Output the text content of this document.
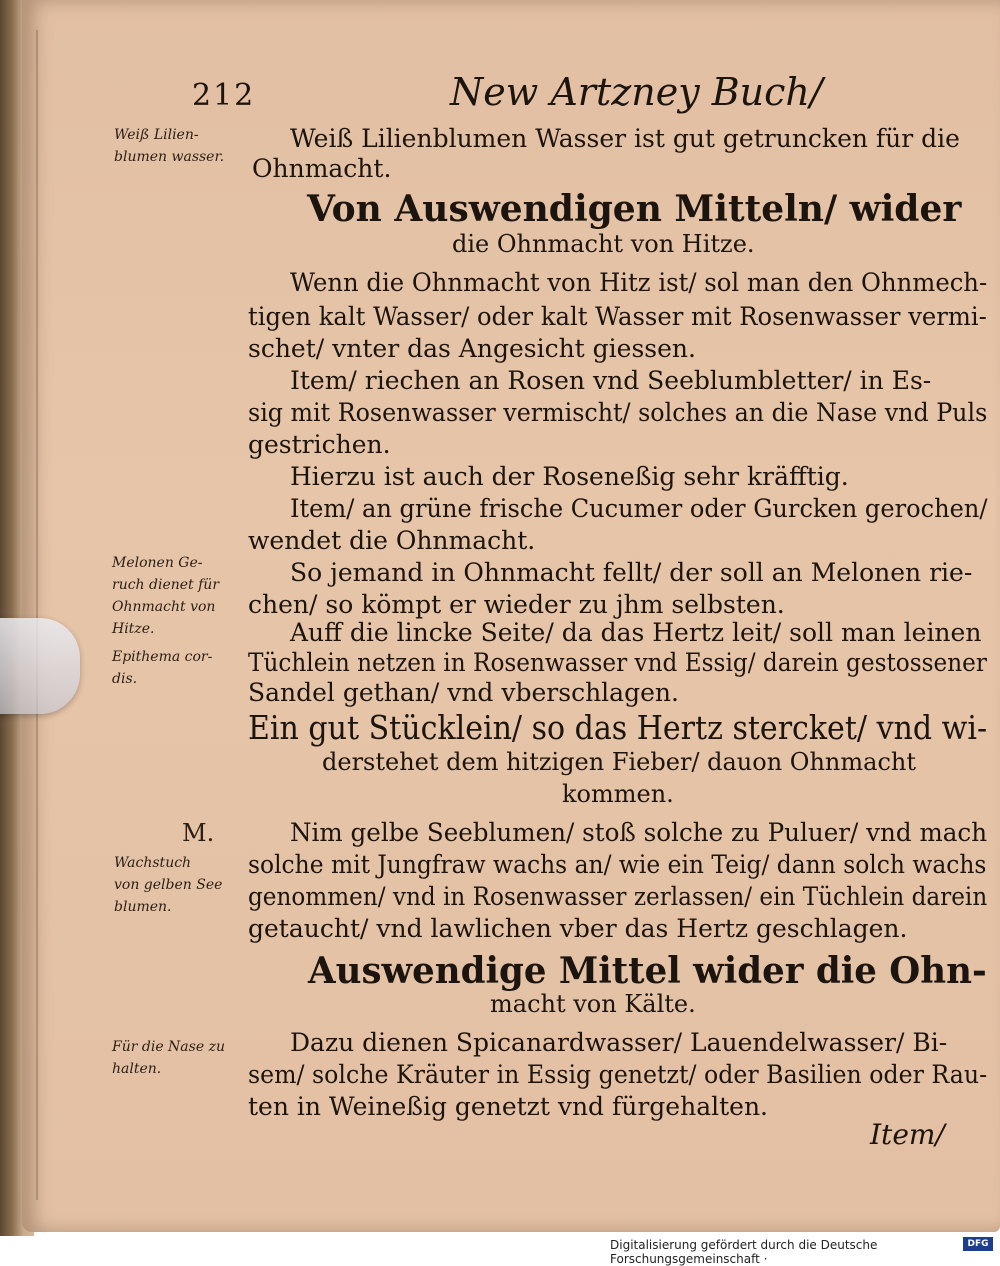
212	New Artzney Buch/
Weiß Lilien-
blumen wasser.
Melonen Ge-
ruch dienet für
Ohnmacht von
Hitze.
Epithema cor-
dis.
M.
Wachstuch
von gelben See
blumen.
Für die Nase zu
halten.
Weiß Lilienblumen Wasser ist gut getruncken für die
Ohnmacht.
Von Auswendigen Mitteln/ wider
die Ohnmacht von Hitze.
Wenn die Ohnmacht von Hitz ist/ sol man den Ohnmech-
tigen kalt Wasser/ oder kalt Wasser mit Rosenwasser vermi-
schet/ vnter das Angesicht giessen.
Item/ riechen an Rosen vnd Seeblumbletter/ in Es-
sig mit Rosenwasser vermischt/ solches an die Nase vnd Puls
gestrichen.
Hierzu ist auch der Roseneßig sehr kräfftig.
Item/ an grüne frische Cucumer oder Gurcken gerochen/
wendet die Ohnmacht.
So jemand in Ohnmacht fellt/ der soll an Melonen rie-
chen/ so kömpt er wieder zu jhm selbsten.
Auff die lincke Seite/ da das Hertz leit/ soll man leinen
Tüchlein netzen in Rosenwasser vnd Essig/ darein gestossener
Sandel gethan/ vnd vberschlagen.
Ein gut Stücklein/ so das Hertz stercket/ vnd wi-
derstehet dem hitzigen Fieber/ dauon Ohnmacht
kommen.
Nim gelbe Seeblumen/ stoß solche zu Puluer/ vnd mach
solche mit Jungfraw wachs an/ wie ein Teig/ dann solch wachs
genommen/ vnd in Rosenwasser zerlassen/ ein Tüchlein darein
getaucht/ vnd lawlichen vber das Hertz geschlagen.
Auswendige Mittel wider die Ohn-
macht von Kälte.
Dazu dienen Spicanardwasser/ Lauendelwasser/ Bi-
sem/ solche Kräuter in Essig genetzt/ oder Basilien oder Rau-
ten in Weineßig genetzt vnd fürgehalten.
Item/
Digitalisierung gefördert durch die Deutsche Forschungsgemeinschaft ·
DFG
